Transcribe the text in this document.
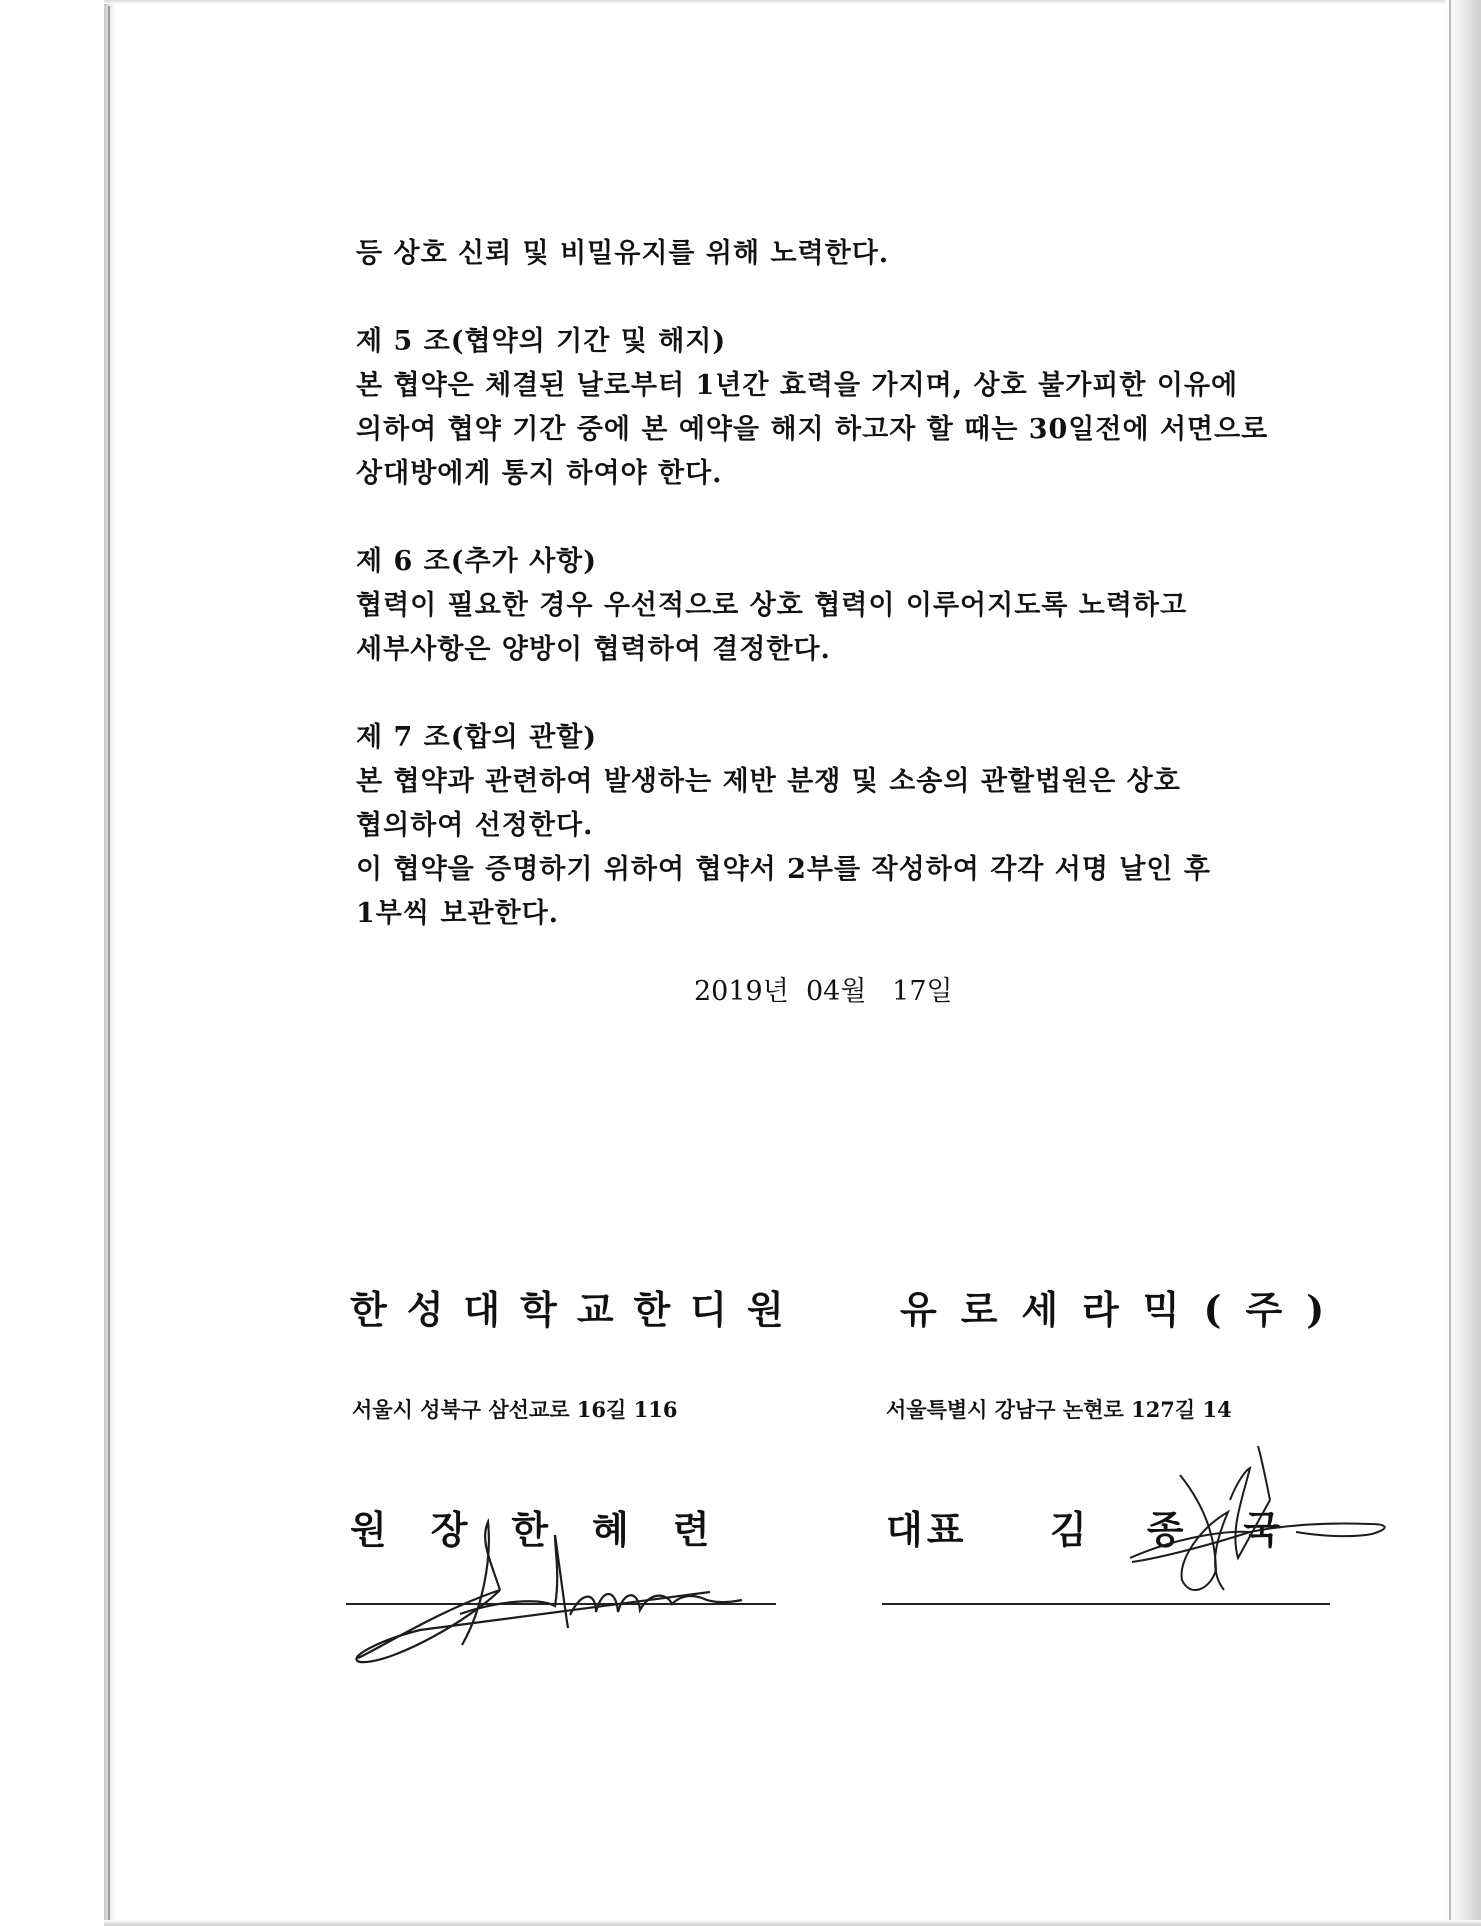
등 상호 신뢰 및 비밀유지를 위해 노력한다.
제 5 조(협약의 기간 및 해지)
본 협약은 체결된 날로부터 1년간 효력을 가지며, 상호 불가피한 이유에
의하여 협약 기간 중에 본 예약을 해지 하고자 할 때는 30일전에 서면으로
상대방에게 통지 하여야 한다.
제 6 조(추가 사항)
협력이 필요한 경우 우선적으로 상호 협력이 이루어지도록 노력하고
세부사항은 양방이 협력하여 결정한다.
제 7 조(합의 관할)
본 협약과 관련하여 발생하는 제반 분쟁 및 소송의 관할법원은 상호
협의하여 선정한다.
이 협약을 증명하기 위하여 협약서 2부를 작성하여 각각 서명 날인 후
1부씩 보관한다.
2019년  04월   17일
한성대학교한디원	유로세라믹(주)
서울시 성북구 삼선교로 16길 116	서울특별시 강남구 논현로 127길 14
원장한혜련	대표 김종국
